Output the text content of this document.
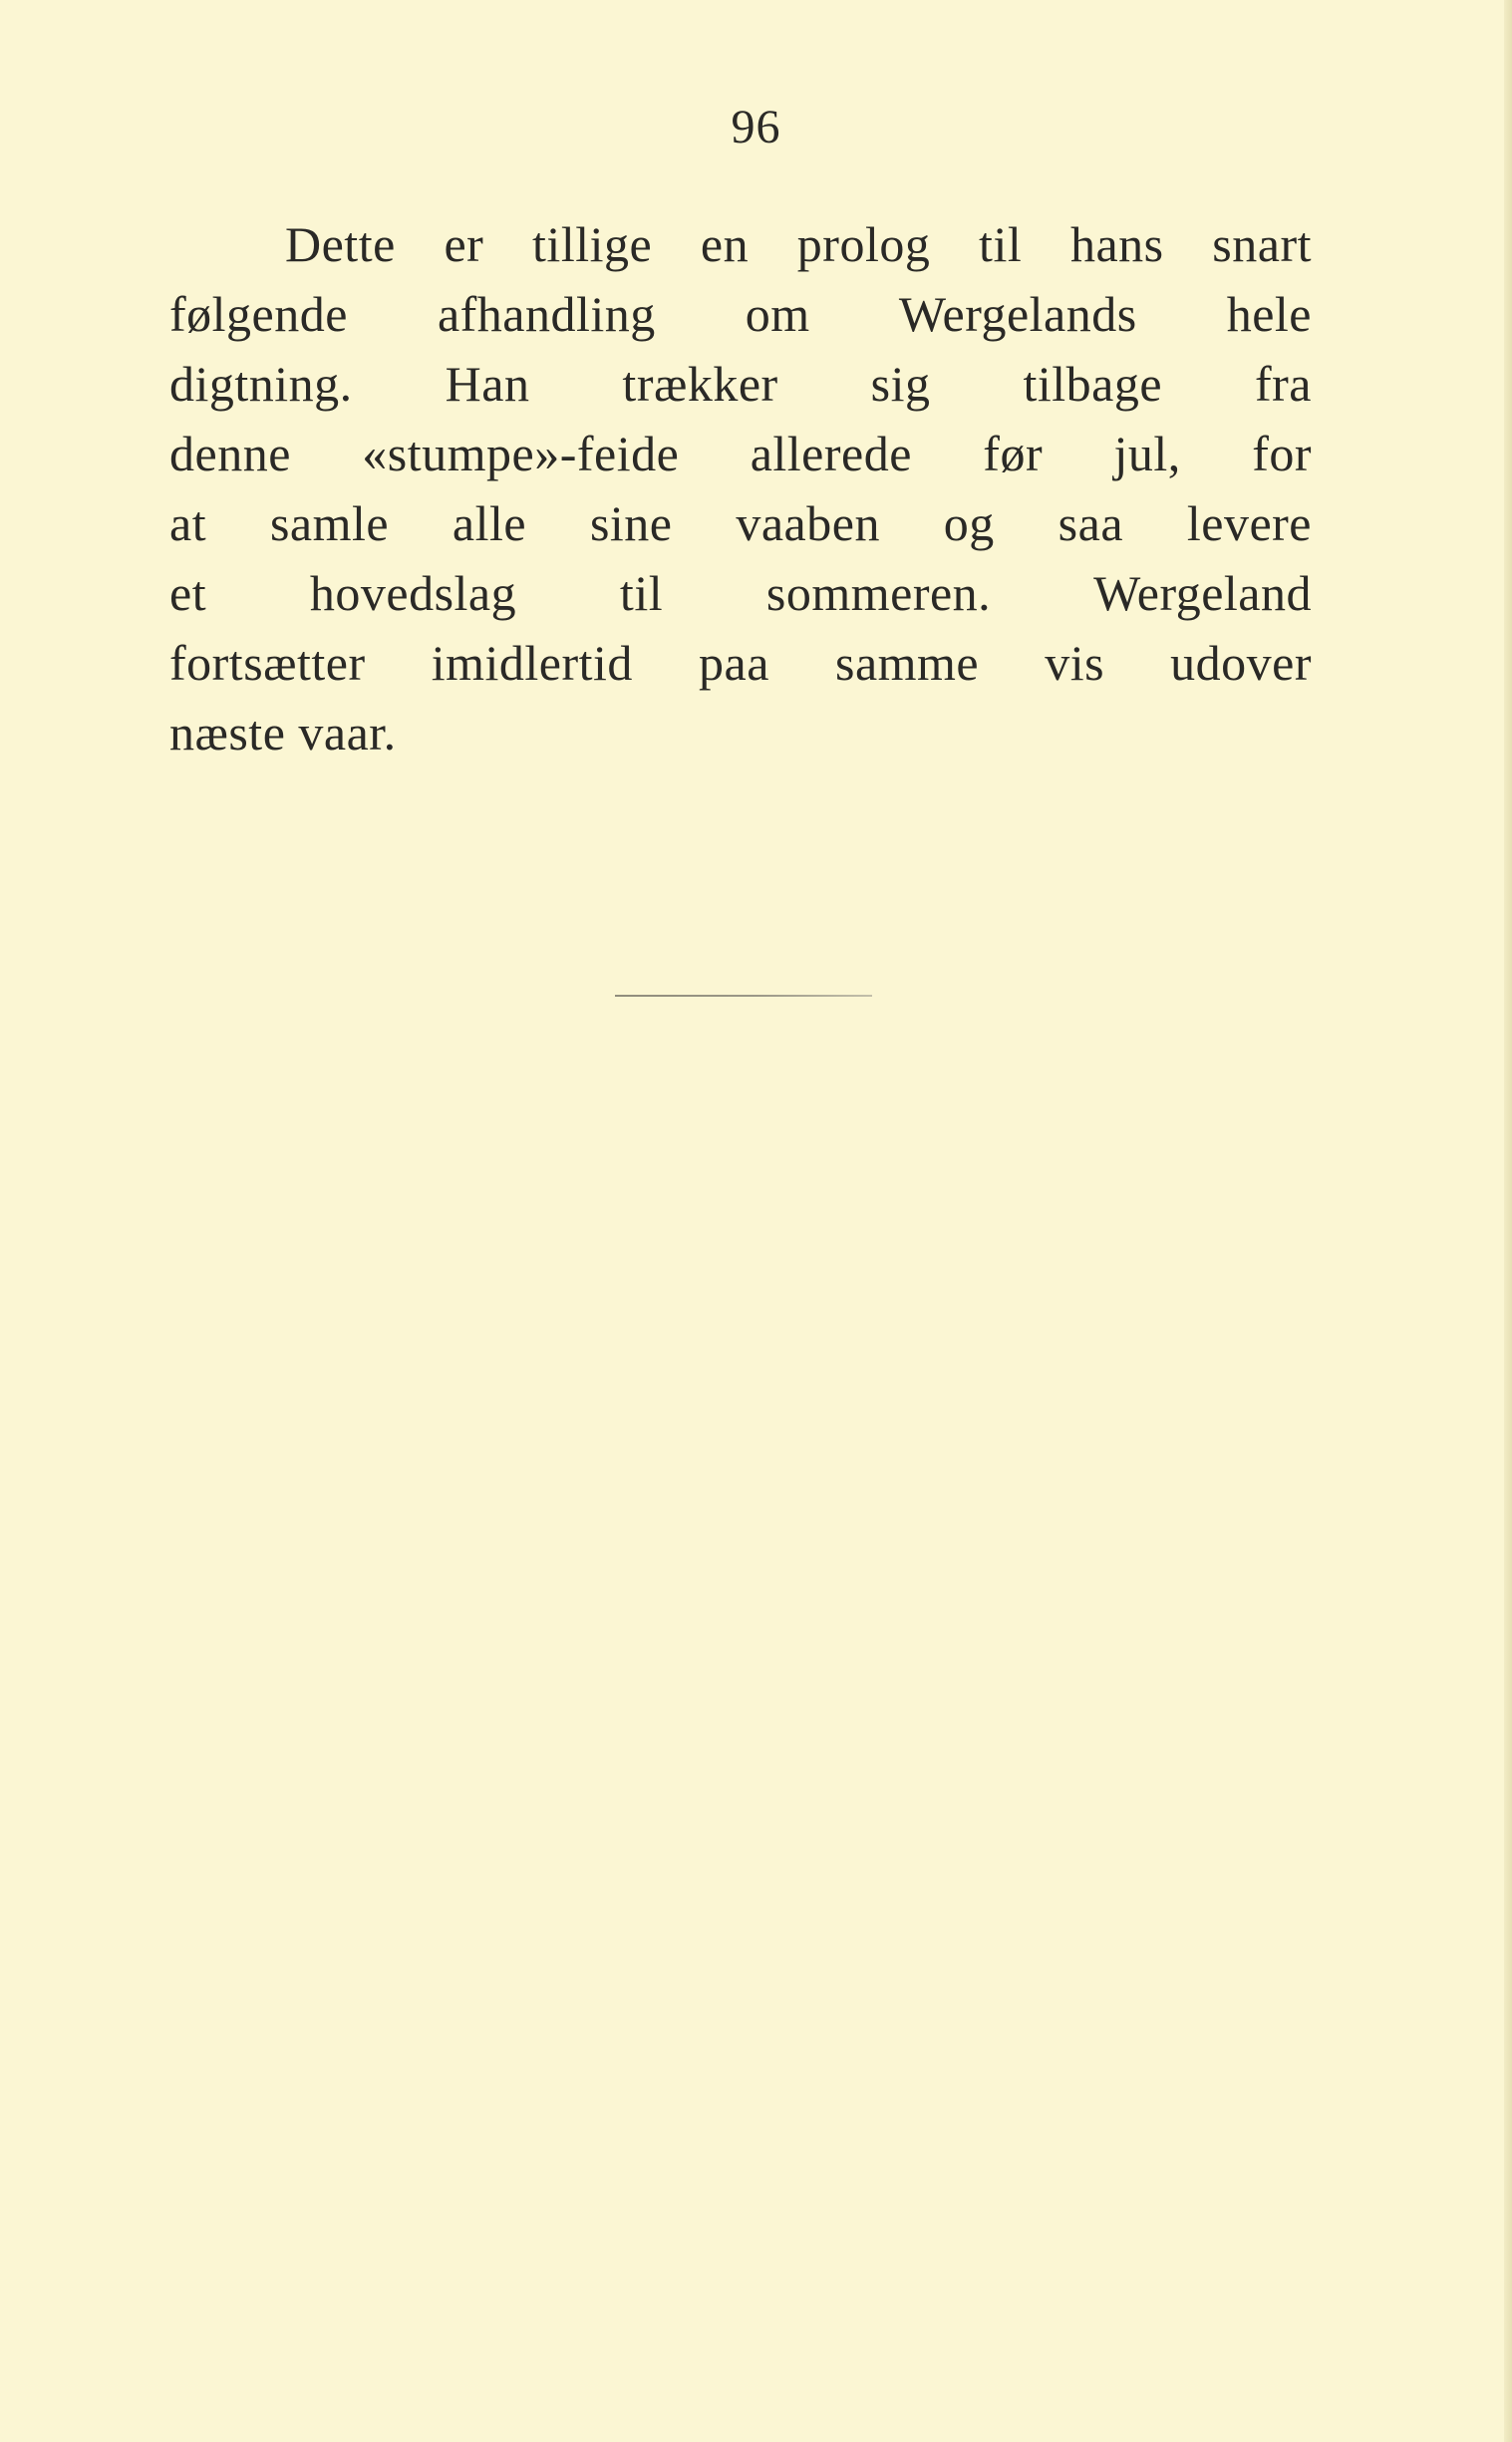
96
Dette er tillige en prolog til hans snart
følgende afhandling om Wergelands hele
digtning. Han trækker sig tilbage fra
denne «stumpe»-feide allerede før jul, for
at samle alle sine vaaben og saa levere
et hovedslag til sommeren. Wergeland
fortsætter imidlertid paa samme vis udover
næste vaar.
